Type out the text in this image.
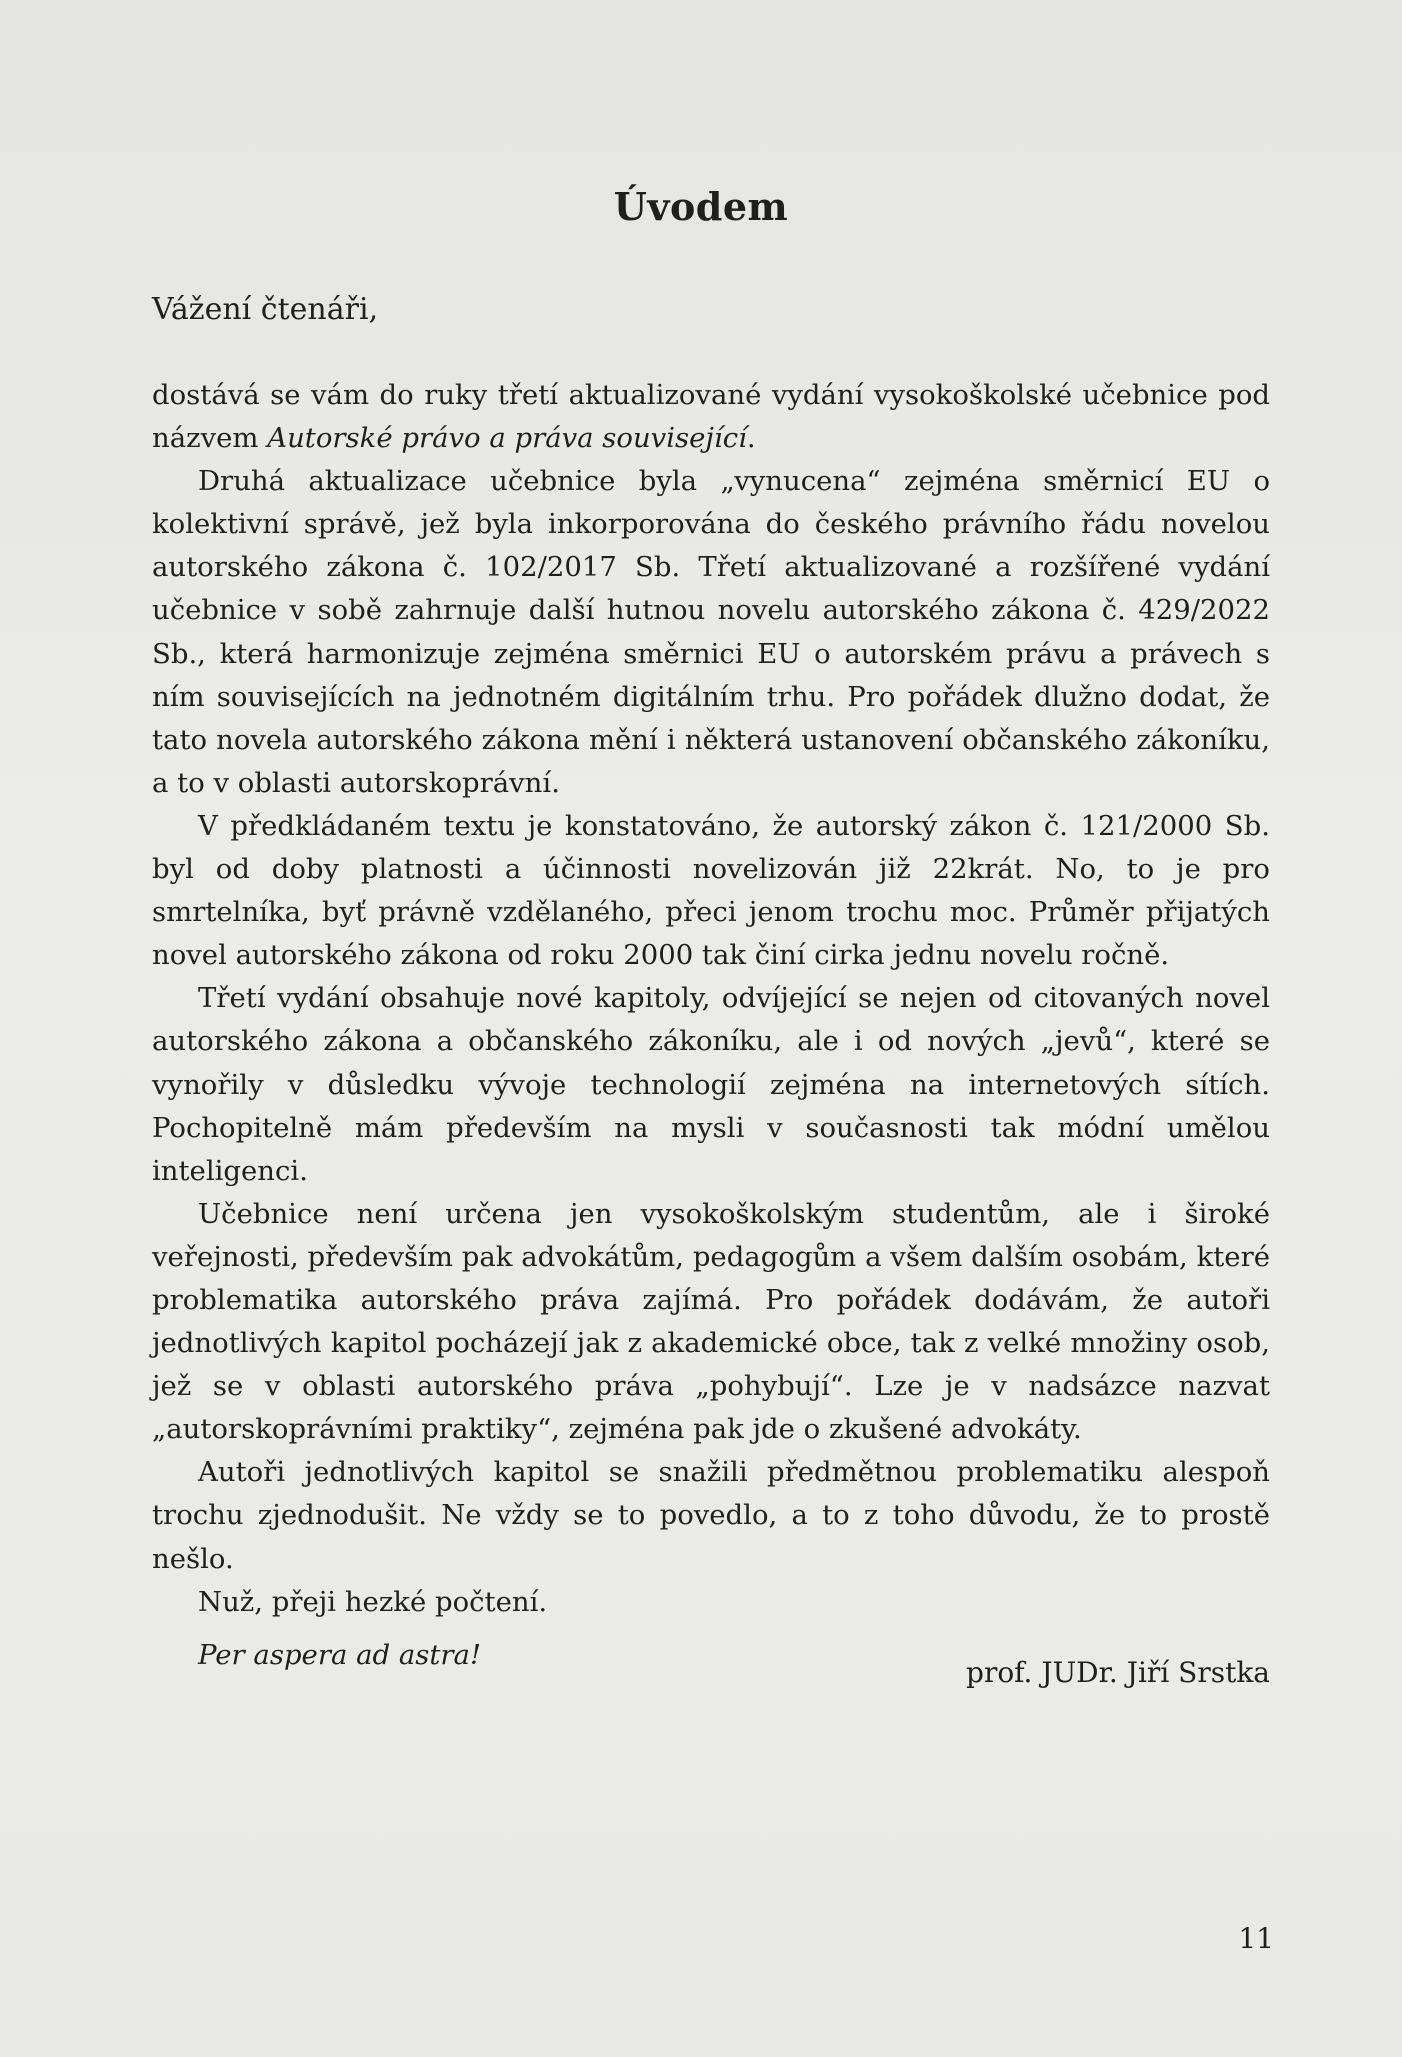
Úvodem
Vážení čtenáři,

dostává se vám do ruky třetí aktualizované vydání vysokoškolské učebnice pod názvem Autorské právo a práva související.

Druhá aktualizace učebnice byla „vynucena“ zejména směrnicí EU o kolektivní správě, jež byla inkorporována do českého právního řádu novelou autorského zákona č. 102/2017 Sb. Třetí aktualizované a rozšířené vydání učebnice v sobě zahrnuje další hutnou novelu autorského zákona č. 429/2022 Sb., která harmonizuje zejména směrnici EU o autorském právu a právech s ním souvisejících na jednotném digitálním trhu. Pro pořádek dlužno dodat, že tato novela autorského zákona mění i některá ustanovení občanského zákoníku, a to v oblasti autorskoprávní.

V předkládaném textu je konstatováno, že autorský zákon č. 121/2000 Sb. byl od doby platnosti a účinnosti novelizován již 22krát. No, to je pro smrtelníka, byť právně vzdělaného, přeci jenom trochu moc. Průměr přijatých novel autorského zákona od roku 2000 tak činí cirka jednu novelu ročně.

Třetí vydání obsahuje nové kapitoly, odvíjející se nejen od citovaných novel autorského zákona a občanského zákoníku, ale i od nových „jevů“, které se vynořily v důsledku vývoje technologií zejména na internetových sítích. Pochopitelně mám především na mysli v současnosti tak módní umělou inteligenci.

Učebnice není určena jen vysokoškolským studentům, ale i široké veřejnosti, především pak advokátům, pedagogům a všem dalším osobám, které problematika autorského práva zajímá. Pro pořádek dodávám, že autoři jednotlivých kapitol pocházejí jak z akademické obce, tak z velké množiny osob, jež se v oblasti autorského práva „pohybují“. Lze je v nadsázce nazvat „autorskoprávními praktiky“, zejména pak jde o zkušené advokáty.

Autoři jednotlivých kapitol se snažili předmětnou problematiku alespoň trochu zjednodušit. Ne vždy se to povedlo, a to z toho důvodu, že to prostě nešlo.

Nuž, přeji hezké počtení.

Per aspera ad astra!

prof. JUDr. Jiří Srstka
11
